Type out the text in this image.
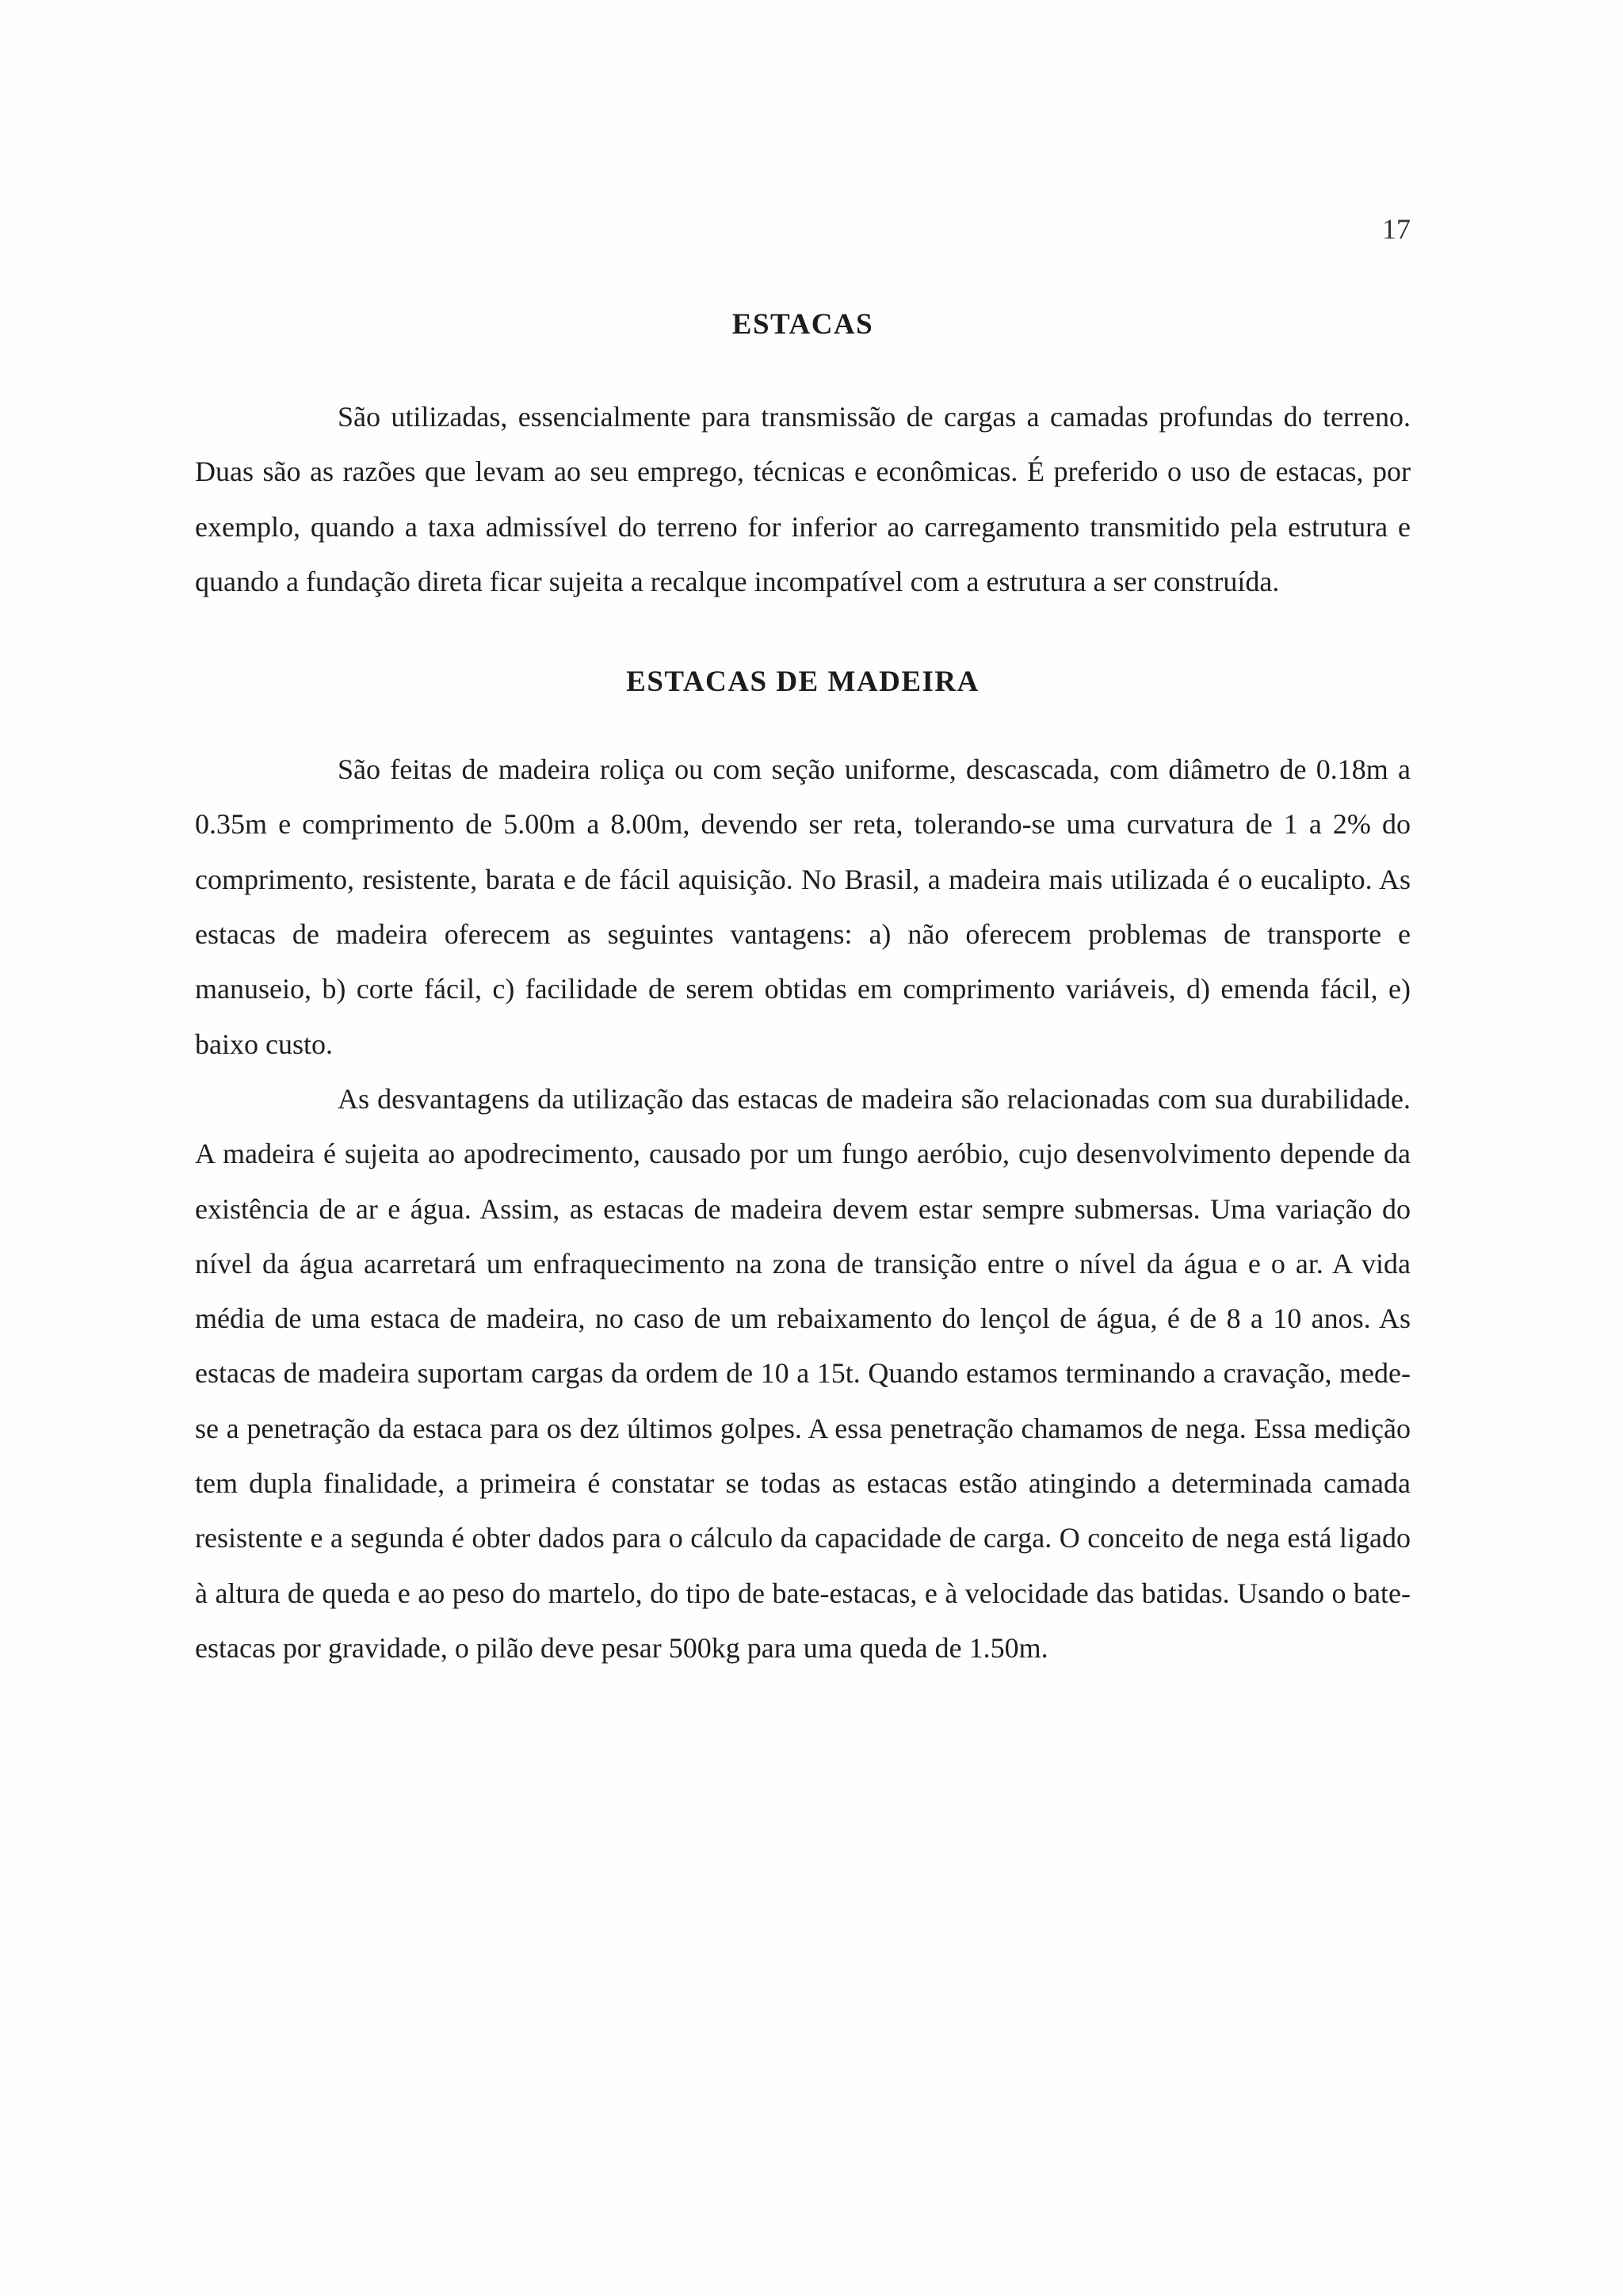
17
ESTACAS

São utilizadas, essencialmente para transmissão de cargas a camadas profundas do terreno. Duas são as razões que levam ao seu emprego, técnicas e econômicas. É preferido o uso de estacas, por exemplo, quando a taxa admissível do terreno for inferior ao carregamento transmitido pela estrutura e quando a fundação direta ficar sujeita a recalque incompatível com a estrutura a ser construída.

ESTACAS DE MADEIRA

São feitas de madeira roliça ou com seção uniforme, descascada, com diâmetro de 0.18m a 0.35m e comprimento de 5.00m a 8.00m, devendo ser reta, tolerando-se uma curvatura de 1 a 2% do comprimento, resistente, barata e de fácil aquisição. No Brasil, a madeira mais utilizada é o eucalipto. As estacas de madeira oferecem as seguintes vantagens: a) não oferecem problemas de transporte e manuseio, b) corte fácil, c) facilidade de serem obtidas em comprimento variáveis, d) emenda fácil, e) baixo custo.

As desvantagens da utilização das estacas de madeira são relacionadas com sua durabilidade. A madeira é sujeita ao apodrecimento, causado por um fungo aeróbio, cujo desenvolvimento depende da existência de ar e água. Assim, as estacas de madeira devem estar sempre submersas. Uma variação do nível da água acarretará um enfraquecimento na zona de transição entre o nível da água e o ar. A vida média de uma estaca de madeira, no caso de um rebaixamento do lençol de água, é de 8 a 10 anos. As estacas de madeira suportam cargas da ordem de 10 a 15t. Quando estamos terminando a cravação, mede-se a penetração da estaca para os dez últimos golpes. A essa penetração chamamos de nega. Essa medição tem dupla finalidade, a primeira é constatar se todas as estacas estão atingindo a determinada camada resistente e a segunda é obter dados para o cálculo da capacidade de carga. O conceito de nega está ligado à altura de queda e ao peso do martelo, do tipo de bate-estacas, e à velocidade das batidas. Usando o bate-estacas por gravidade, o pilão deve pesar 500kg para uma queda de 1.50m.
